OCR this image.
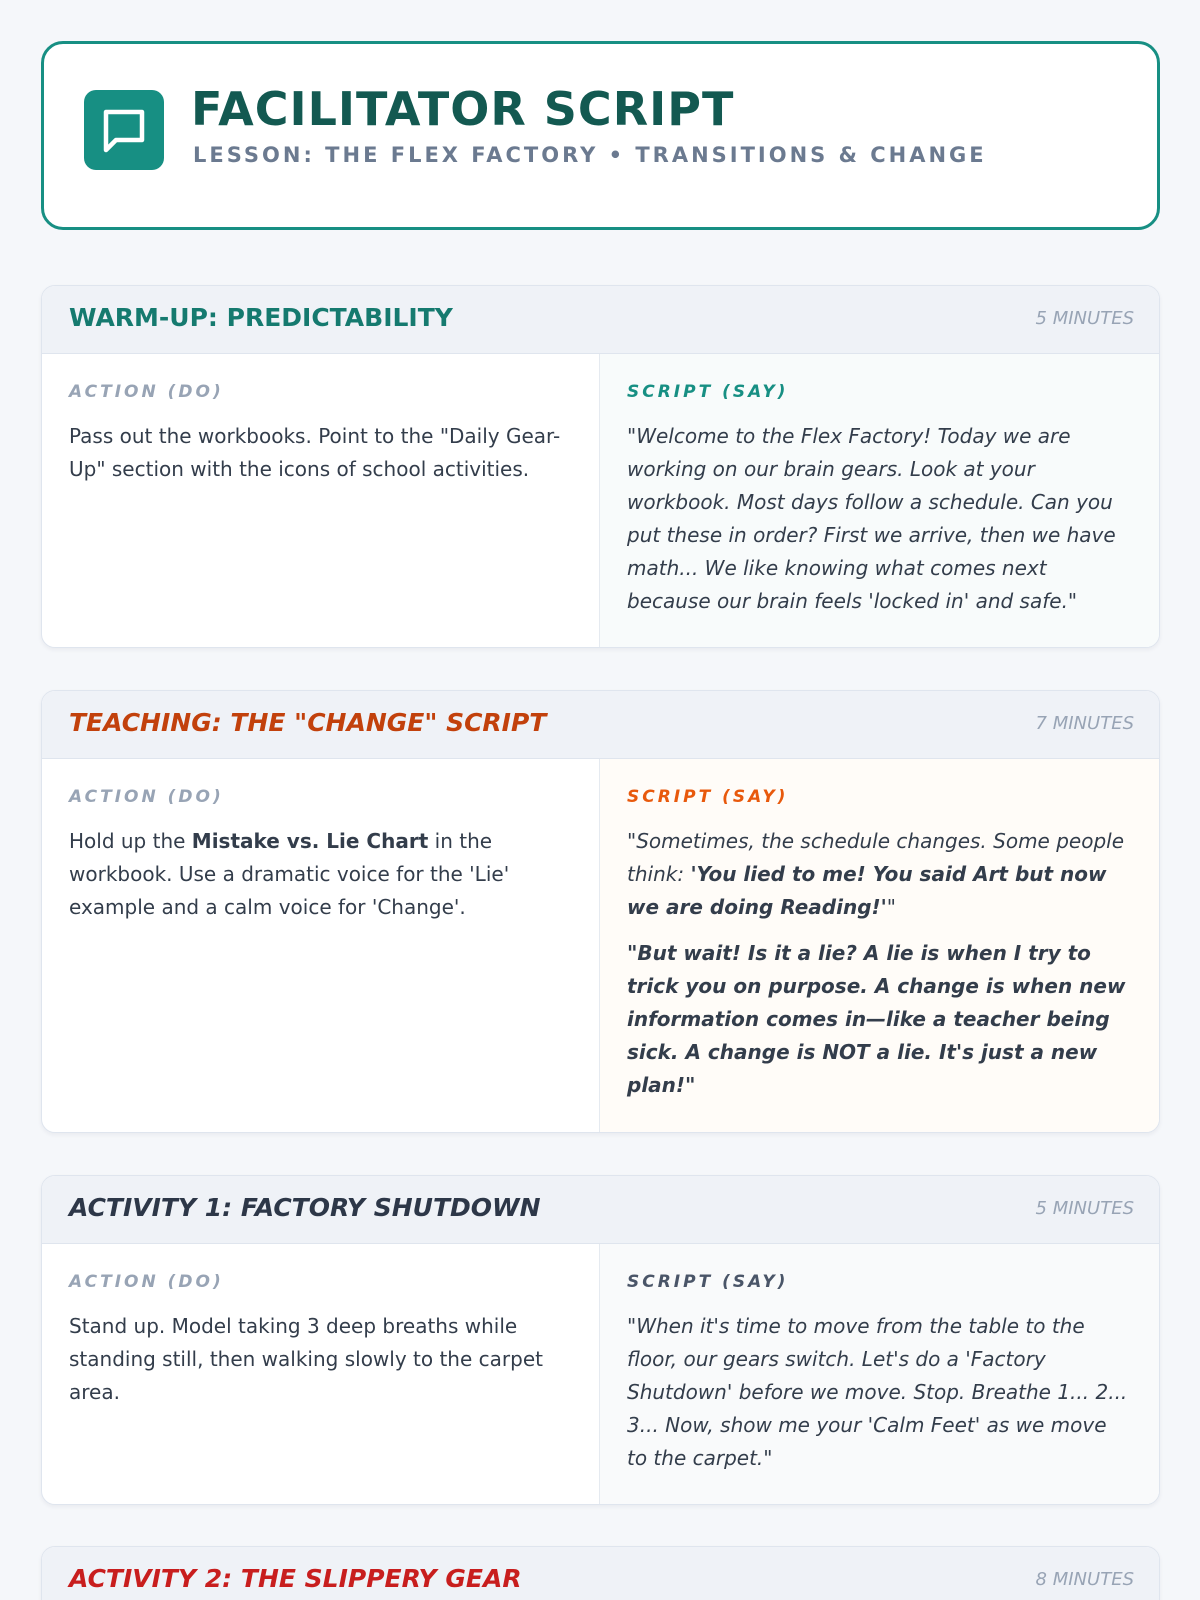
FACILITATOR SCRIPT
LESSON: THE FLEX FACTORY • TRANSITIONS & CHANGE
WARM-UP: PREDICTABILITY	5 MINUTES
ACTION (DO)
Pass out the workbooks. Point to the "Daily Gear-Up" section with the icons of school activities.
SCRIPT (SAY)
"Welcome to the Flex Factory! Today we are working on our brain gears. Look at your workbook. Most days follow a schedule. Can you put these in order? First we arrive, then we have math... We like knowing what comes next because our brain feels 'locked in' and safe."
TEACHING: THE "CHANGE" SCRIPT	7 MINUTES
ACTION (DO)
Hold up the Mistake vs. Lie Chart in the workbook. Use a dramatic voice for the 'Lie' example and a calm voice for 'Change'.
SCRIPT (SAY)
"Sometimes, the schedule changes. Some people think: 'You lied to me! You said Art but now we are doing Reading!'"
"But wait! Is it a lie? A lie is when I try to trick you on purpose. A change is when new information comes in—like a teacher being sick. A change is NOT a lie. It's just a new plan!"
ACTIVITY 1: FACTORY SHUTDOWN	5 MINUTES
ACTION (DO)
Stand up. Model taking 3 deep breaths while standing still, then walking slowly to the carpet area.
SCRIPT (SAY)
"When it's time to move from the table to the floor, our gears switch. Let's do a 'Factory Shutdown' before we move. Stop. Breathe 1... 2... 3... Now, show me your 'Calm Feet' as we move to the carpet."
ACTIVITY 2: THE SLIPPERY GEAR	8 MINUTES
